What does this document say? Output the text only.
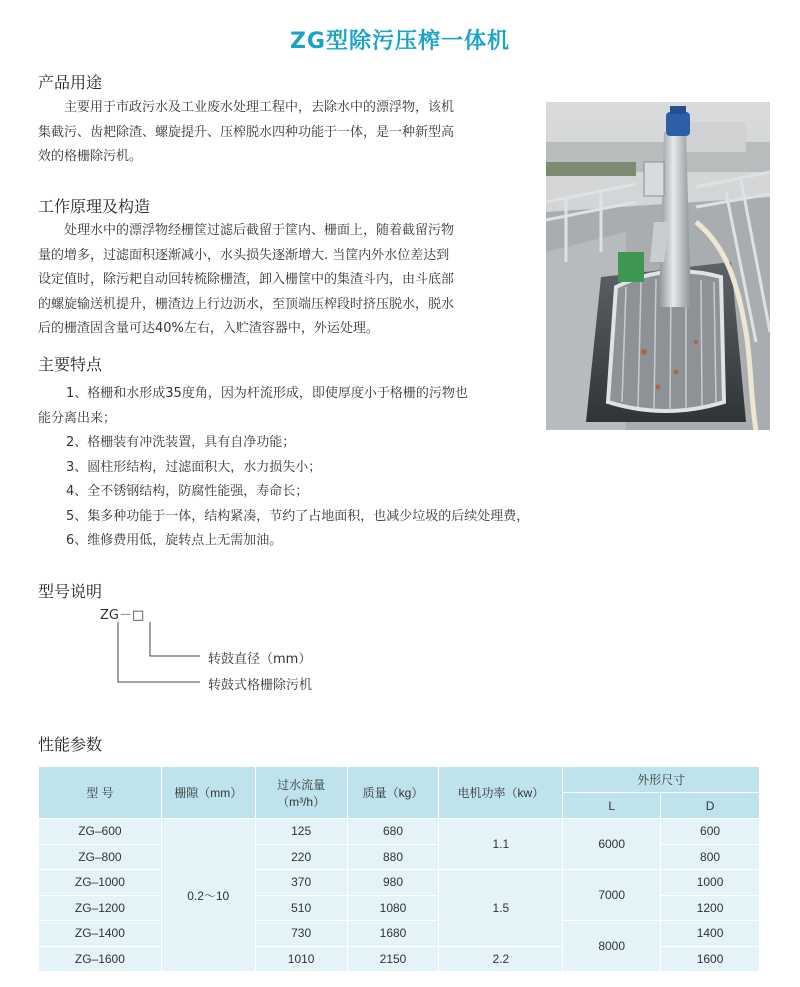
ZG型除污压榨一体机
产品用途

主要用于市政污水及工业废水处理工程中，去除水中的漂浮物，该机

集截污、齿耙除渣、螺旋提升、压榨脱水四种功能于一体，是一种新型高
效的格栅除污机。
工作原理及构造

处理水中的漂浮物经栅筐过滤后截留于筐内、栅面上，随着截留污物

量的增多，过滤面积逐渐减小，水头损失逐渐增大. 当筐内外水位差达到
设定值时，除污耙自动回转梳除栅渣，卸入栅筐中的集渣斗内，由斗底部
的螺旋输送机提升，栅渣边上行边沥水，至顶端压榨段时挤压脱水，脱水
后的栅渣固含量可达40%左右，入贮渣容器中，外运处理。
主要特点
1、格栅和水形成35度角，因为杆流形成，即使厚度小于格栅的污物也
能分离出来；
2、格栅装有冲洗装置，具有自净功能；
3、圆柱形结构，过滤面积大，水力损失小；
4、全不锈钢结构，防腐性能强，寿命长；
5、集多种功能于一体，结构紧凑，节约了占地面积，也减少垃圾的后续处理费，
6、维修费用低，旋转点上无需加油。
型号说明
ZG－□
转鼓直径（mm）
转鼓式格栅除污机
性能参数
型 号	栅隙（mm）	过水流量
（m³/h）	质量（kg）	电机功率（kw）	外形尺寸	
					L	D
ZG–600	0.2～10	125	680	1.1	6000	600
ZG–800		220	880			800
ZG–1000		370	980	1.5	7000	1000
ZG–1200		510	1080			1200
ZG–1400		730	1680		8000	1400
ZG–1600		1010	2150	2.2		1600
